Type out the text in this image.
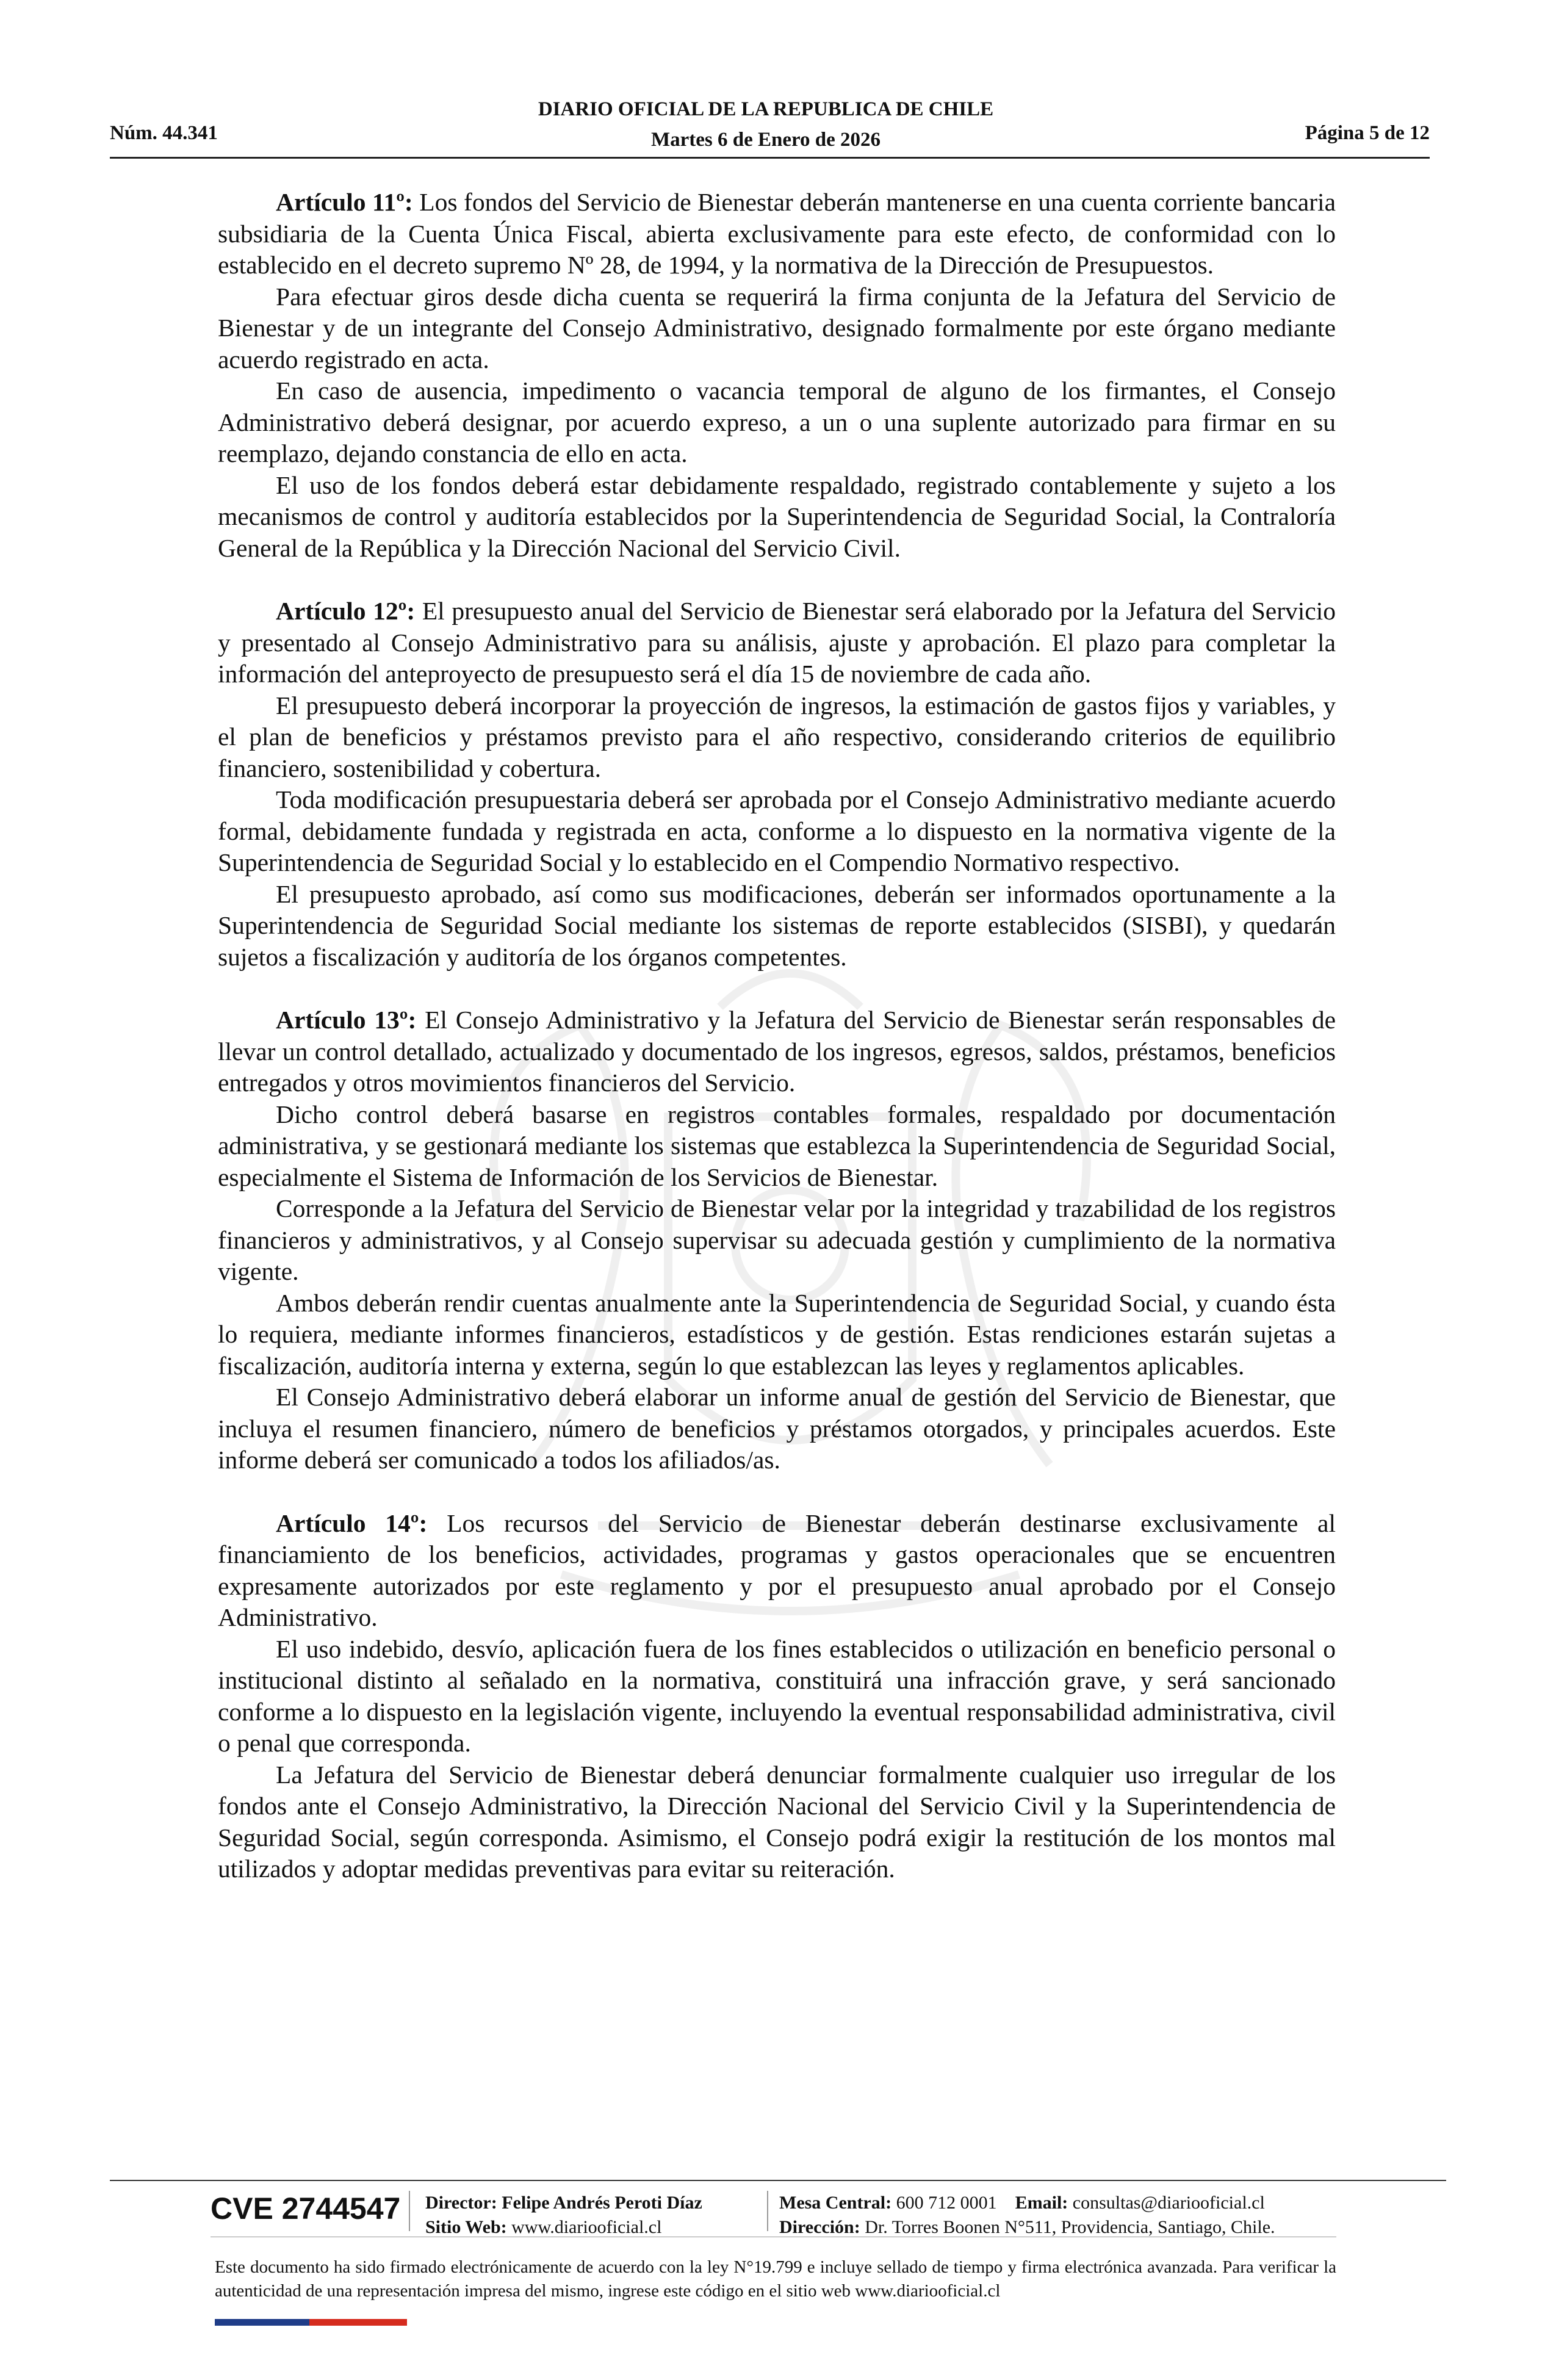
Núm. 44.341
DIARIO OFICIAL DE LA REPUBLICA DE CHILE
Martes 6 de Enero de 2026	Página 5 de 12

Artículo 11º: Los fondos del Servicio de Bienestar deberán mantenerse en una cuenta corriente bancaria subsidiaria de la Cuenta Única Fiscal, abierta exclusivamente para este efecto, de conformidad con lo establecido en el decreto supremo Nº 28, de 1994, y la normativa de la Dirección de Presupuestos.

Para efectuar giros desde dicha cuenta se requerirá la firma conjunta de la Jefatura del Servicio de Bienestar y de un integrante del Consejo Administrativo, designado formalmente por este órgano mediante acuerdo registrado en acta.

En caso de ausencia, impedimento o vacancia temporal de alguno de los firmantes, el Consejo Administrativo deberá designar, por acuerdo expreso, a un o una suplente autorizado para firmar en su reemplazo, dejando constancia de ello en acta.

El uso de los fondos deberá estar debidamente respaldado, registrado contablemente y sujeto a los mecanismos de control y auditoría establecidos por la Superintendencia de Seguridad Social, la Contraloría General de la República y la Dirección Nacional del Servicio Civil.

Artículo 12º: El presupuesto anual del Servicio de Bienestar será elaborado por la Jefatura del Servicio y presentado al Consejo Administrativo para su análisis, ajuste y aprobación. El plazo para completar la información del anteproyecto de presupuesto será el día 15 de noviembre de cada año.

El presupuesto deberá incorporar la proyección de ingresos, la estimación de gastos fijos y variables, y el plan de beneficios y préstamos previsto para el año respectivo, considerando criterios de equilibrio financiero, sostenibilidad y cobertura.

Toda modificación presupuestaria deberá ser aprobada por el Consejo Administrativo mediante acuerdo formal, debidamente fundada y registrada en acta, conforme a lo dispuesto en la normativa vigente de la Superintendencia de Seguridad Social y lo establecido en el Compendio Normativo respectivo.

El presupuesto aprobado, así como sus modificaciones, deberán ser informados oportunamente a la Superintendencia de Seguridad Social mediante los sistemas de reporte establecidos (SISBI), y quedarán sujetos a fiscalización y auditoría de los órganos competentes.

Artículo 13º: El Consejo Administrativo y la Jefatura del Servicio de Bienestar serán responsables de llevar un control detallado, actualizado y documentado de los ingresos, egresos, saldos, préstamos, beneficios entregados y otros movimientos financieros del Servicio.

Dicho control deberá basarse en registros contables formales, respaldado por documentación administrativa, y se gestionará mediante los sistemas que establezca la Superintendencia de Seguridad Social, especialmente el Sistema de Información de los Servicios de Bienestar.

Corresponde a la Jefatura del Servicio de Bienestar velar por la integridad y trazabilidad de los registros financieros y administrativos, y al Consejo supervisar su adecuada gestión y cumplimiento de la normativa vigente.

Ambos deberán rendir cuentas anualmente ante la Superintendencia de Seguridad Social, y cuando ésta lo requiera, mediante informes financieros, estadísticos y de gestión. Estas rendiciones estarán sujetas a fiscalización, auditoría interna y externa, según lo que establezcan las leyes y reglamentos aplicables.

El Consejo Administrativo deberá elaborar un informe anual de gestión del Servicio de Bienestar, que incluya el resumen financiero, número de beneficios y préstamos otorgados, y principales acuerdos. Este informe deberá ser comunicado a todos los afiliados/as.

Artículo 14º: Los recursos del Servicio de Bienestar deberán destinarse exclusivamente al financiamiento de los beneficios, actividades, programas y gastos operacionales que se encuentren expresamente autorizados por este reglamento y por el presupuesto anual aprobado por el Consejo Administrativo.

El uso indebido, desvío, aplicación fuera de los fines establecidos o utilización en beneficio personal o institucional distinto al señalado en la normativa, constituirá una infracción grave, y será sancionado conforme a lo dispuesto en la legislación vigente, incluyendo la eventual responsabilidad administrativa, civil o penal que corresponda.

La Jefatura del Servicio de Bienestar deberá denunciar formalmente cualquier uso irregular de los fondos ante el Consejo Administrativo, la Dirección Nacional del Servicio Civil y la Superintendencia de Seguridad Social, según corresponda. Asimismo, el Consejo podrá exigir la restitución de los montos mal utilizados y adoptar medidas preventivas para evitar su reiteración.

CVE 2744547 Director: Felipe Andrés Peroti Díaz
Sitio Web: www.diariooficial.cl
Mesa Central: 600 712 0001 Email: consultas@diariooficial.cl
Dirección: Dr. Torres Boonen N°511, Providencia, Santiago, Chile.
Este documento ha sido firmado electrónicamente de acuerdo con la ley N°19.799 e incluye sellado de tiempo y firma electrónica avanzada. Para verificar la autenticidad de una representación impresa del mismo, ingrese este código en el sitio web www.diariooficial.cl
